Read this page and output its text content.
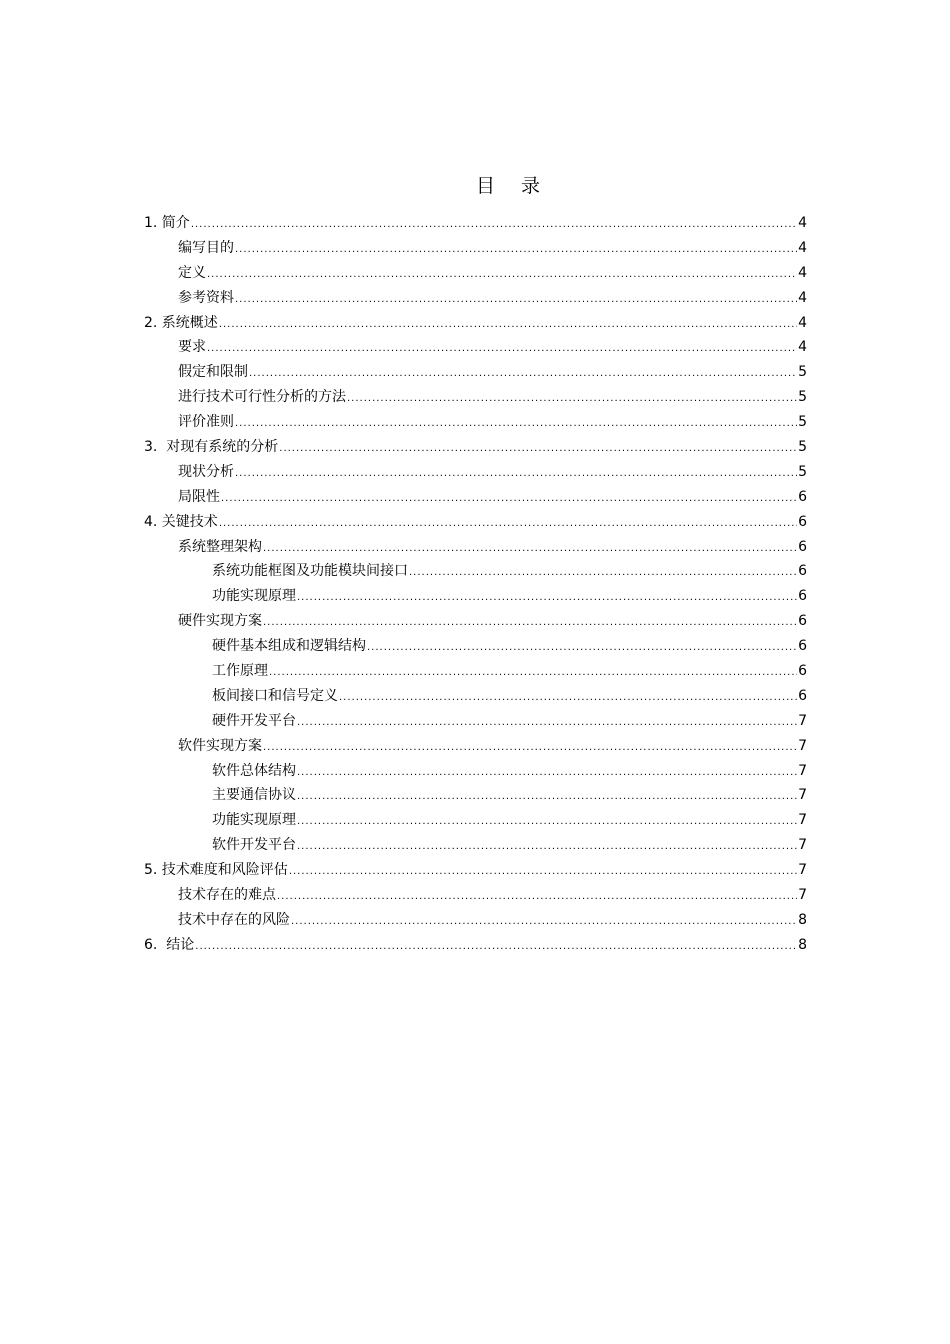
目 录
1. 简介 .....	4
编写目的 .....	4
定义 .....	4
参考资料 .....	4
2. 系统概述 .....	4
要求 .....	4
假定和限制 .....	5
进行技术可行性分析的方法 .....	5
评价准则 .....	5
3.  对现有系统的分析 .....	5
现状分析 .....	5
局限性 .....	6
4. 关键技术 .....	6
系统整理架构 .....	6
系统功能框图及功能模块间接口 .....	6
功能实现原理 .....	6
硬件实现方案 .....	6
硬件基本组成和逻辑结构 .....	6
工作原理 .....	6
板间接口和信号定义 .....	6
硬件开发平台 .....	7
软件实现方案 .....	7
软件总体结构 .....	7
主要通信协议 .....	7
功能实现原理 .....	7
软件开发平台 .....	7
5. 技术难度和风险评估 .....	7
技术存在的难点 .....	7
技术中存在的风险 .....	8
6.  结论 .....	8
